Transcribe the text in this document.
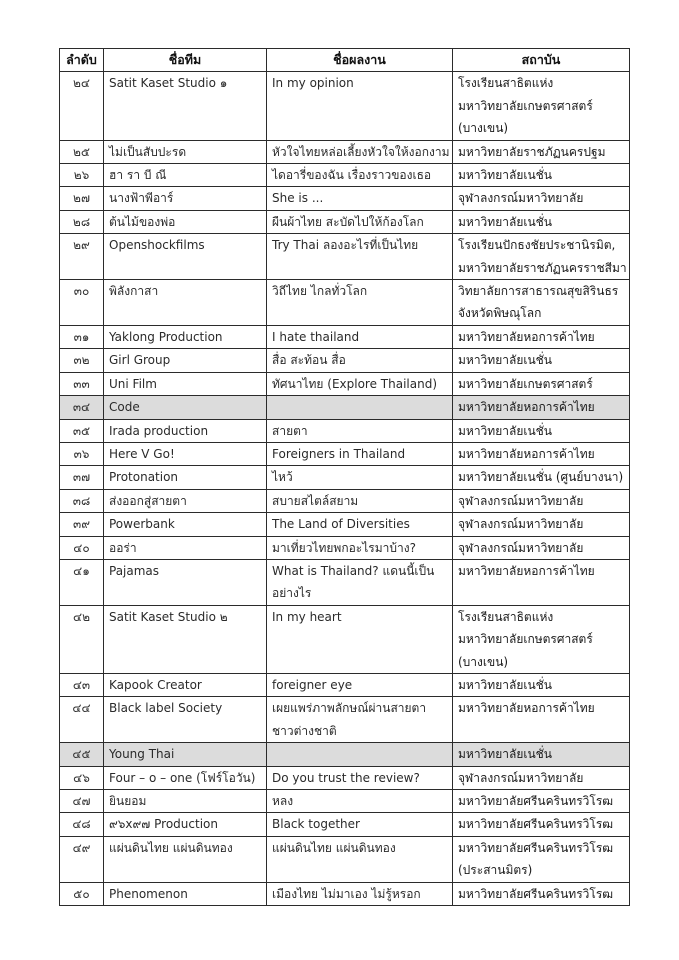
ลำดับ	ชื่อทีม	ชื่อผลงาน	สถาบัน
๒๔	Satit Kaset Studio ๑	In my opinion	โรงเรียนสาธิตแห่ง
มหาวิทยาลัยเกษตรศาสตร์
(บางเขน)

๒๕	ไม่เป็นสับปะรด	หัวใจไทยหล่อเลี้ยงหัวใจให้งอกงาม	มหาวิทยาลัยราชภัฏนครปฐม

๒๖	ฮา รา บี ณี	ไดอารี่ของฉัน เรื่องราวของเธอ	มหาวิทยาลัยเนชั่น

๒๗	นางฟ้าพีอาร์	She is ...	จุฬาลงกรณ์มหาวิทยาลัย

๒๘	ต้นไม้ของพ่อ	ผืนผ้าไทย สะบัดไปให้ก้องโลก	มหาวิทยาลัยเนชั่น

๒๙	Openshockfilms	Try Thai ลองอะไรที่เป็นไทย	โรงเรียนปักธงชัยประชานิรมิต,
มหาวิทยาลัยราชภัฏนครราชสีมา

๓๐	พิลังกาสา	วิถีไทย ไกลทั่วโลก	วิทยาลัยการสาธารณสุขสิรินธร
จังหวัดพิษณุโลก

๓๑	Yaklong Production	I hate thailand	มหาวิทยาลัยหอการค้าไทย

๓๒	Girl Group	สื่อ สะท้อน สื่อ	มหาวิทยาลัยเนชั่น

๓๓	Uni Film	ทัศนาไทย (Explore Thailand)	มหาวิทยาลัยเกษตรศาสตร์

๓๔	Code		มหาวิทยาลัยหอการค้าไทย

๓๕	Irada production	สายตา	มหาวิทยาลัยเนชั่น

๓๖	Here V Go!	Foreigners in Thailand	มหาวิทยาลัยหอการค้าไทย

๓๗	Protonation	ไหว้	มหาวิทยาลัยเนชั่น (ศูนย์บางนา)

๓๘	ส่งออกสู่สายตา	สบายสไตล์สยาม	จุฬาลงกรณ์มหาวิทยาลัย

๓๙	Powerbank	The Land of Diversities	จุฬาลงกรณ์มหาวิทยาลัย

๔๐	ออร่า	มาเที่ยวไทยพกอะไรมาบ้าง?	จุฬาลงกรณ์มหาวิทยาลัย

๔๑	Pajamas	What is Thailand? แดนนี้เป็น
อย่างไร	มหาวิทยาลัยหอการค้าไทย

๔๒	Satit Kaset Studio ๒	In my heart	โรงเรียนสาธิตแห่ง
มหาวิทยาลัยเกษตรศาสตร์
(บางเขน)

๔๓	Kapook Creator	foreigner eye	มหาวิทยาลัยเนชั่น

๔๔	Black label Society	เผยแพร่ภาพลักษณ์ผ่านสายตา
ชาวต่างชาติ	มหาวิทยาลัยหอการค้าไทย

๔๕	Young Thai		มหาวิทยาลัยเนชั่น

๔๖	Four – o – one (โฟร์โอวัน)	Do you trust the review?	จุฬาลงกรณ์มหาวิทยาลัย

๔๗	ยินยอม	หลง	มหาวิทยาลัยศรีนครินทรวิโรฒ

๔๘	๙๖x๙๗ Production	Black together	มหาวิทยาลัยศรีนครินทรวิโรฒ

๔๙	แผ่นดินไทย แผ่นดินทอง	แผ่นดินไทย แผ่นดินทอง	มหาวิทยาลัยศรีนครินทรวิโรฒ
(ประสานมิตร)

๕๐	Phenomenon	เมืองไทย ไม่มาเอง ไม่รู้หรอก	มหาวิทยาลัยศรีนครินทรวิโรฒ
